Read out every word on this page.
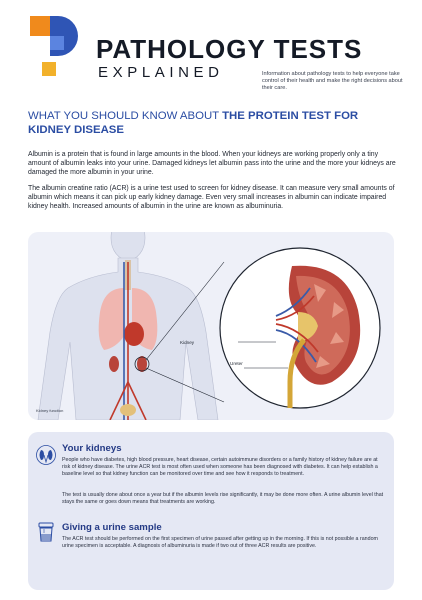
PATHOLOGY TESTS
EXPLAINED	Information about pathology tests to help everyone take control of their health and make the right decisions about their care.
WHAT YOU SHOULD KNOW ABOUT THE PROTEIN TEST FOR KIDNEY DISEASE

Albumin is a protein that is found in large amounts in the blood. When your kidneys are working properly only a tiny amount of albumin leaks into your urine. Damaged kidneys let albumin pass into the urine and the more your kidneys are damaged the more albumin in your urine.

The albumin creatine ratio (ACR) is a urine test used to screen for kidney disease. It can measure very small amounts of albumin which means it can pick up early kidney damage. Even very small increases in albumin can indicate impaired kidney health. Increased amounts of albumin in the urine are known as albuminuria.

Kidney
Ureter
Kidney function
Your kidneys

People who have diabetes, high blood pressure, heart disease, certain autoimmune disorders or a family history of kidney failure are at risk of kidney disease. The urine ACR test is most often used when someone has been diagnosed with diabetes. It can help establish a baseline level so that kidney function can be monitored over time and see how it responds to treatment.

The test is usually done about once a year but if the albumin levels rise significantly, it may be done more often. A urine albumin level that stays the same or goes down means that treatments are working.

Giving a urine sample

The ACR test should be performed on the first specimen of urine passed after getting up in the morning. If this is not possible a random urine specimen is acceptable. A diagnosis of albuminuria is made if two out of three ACR results are positive.
